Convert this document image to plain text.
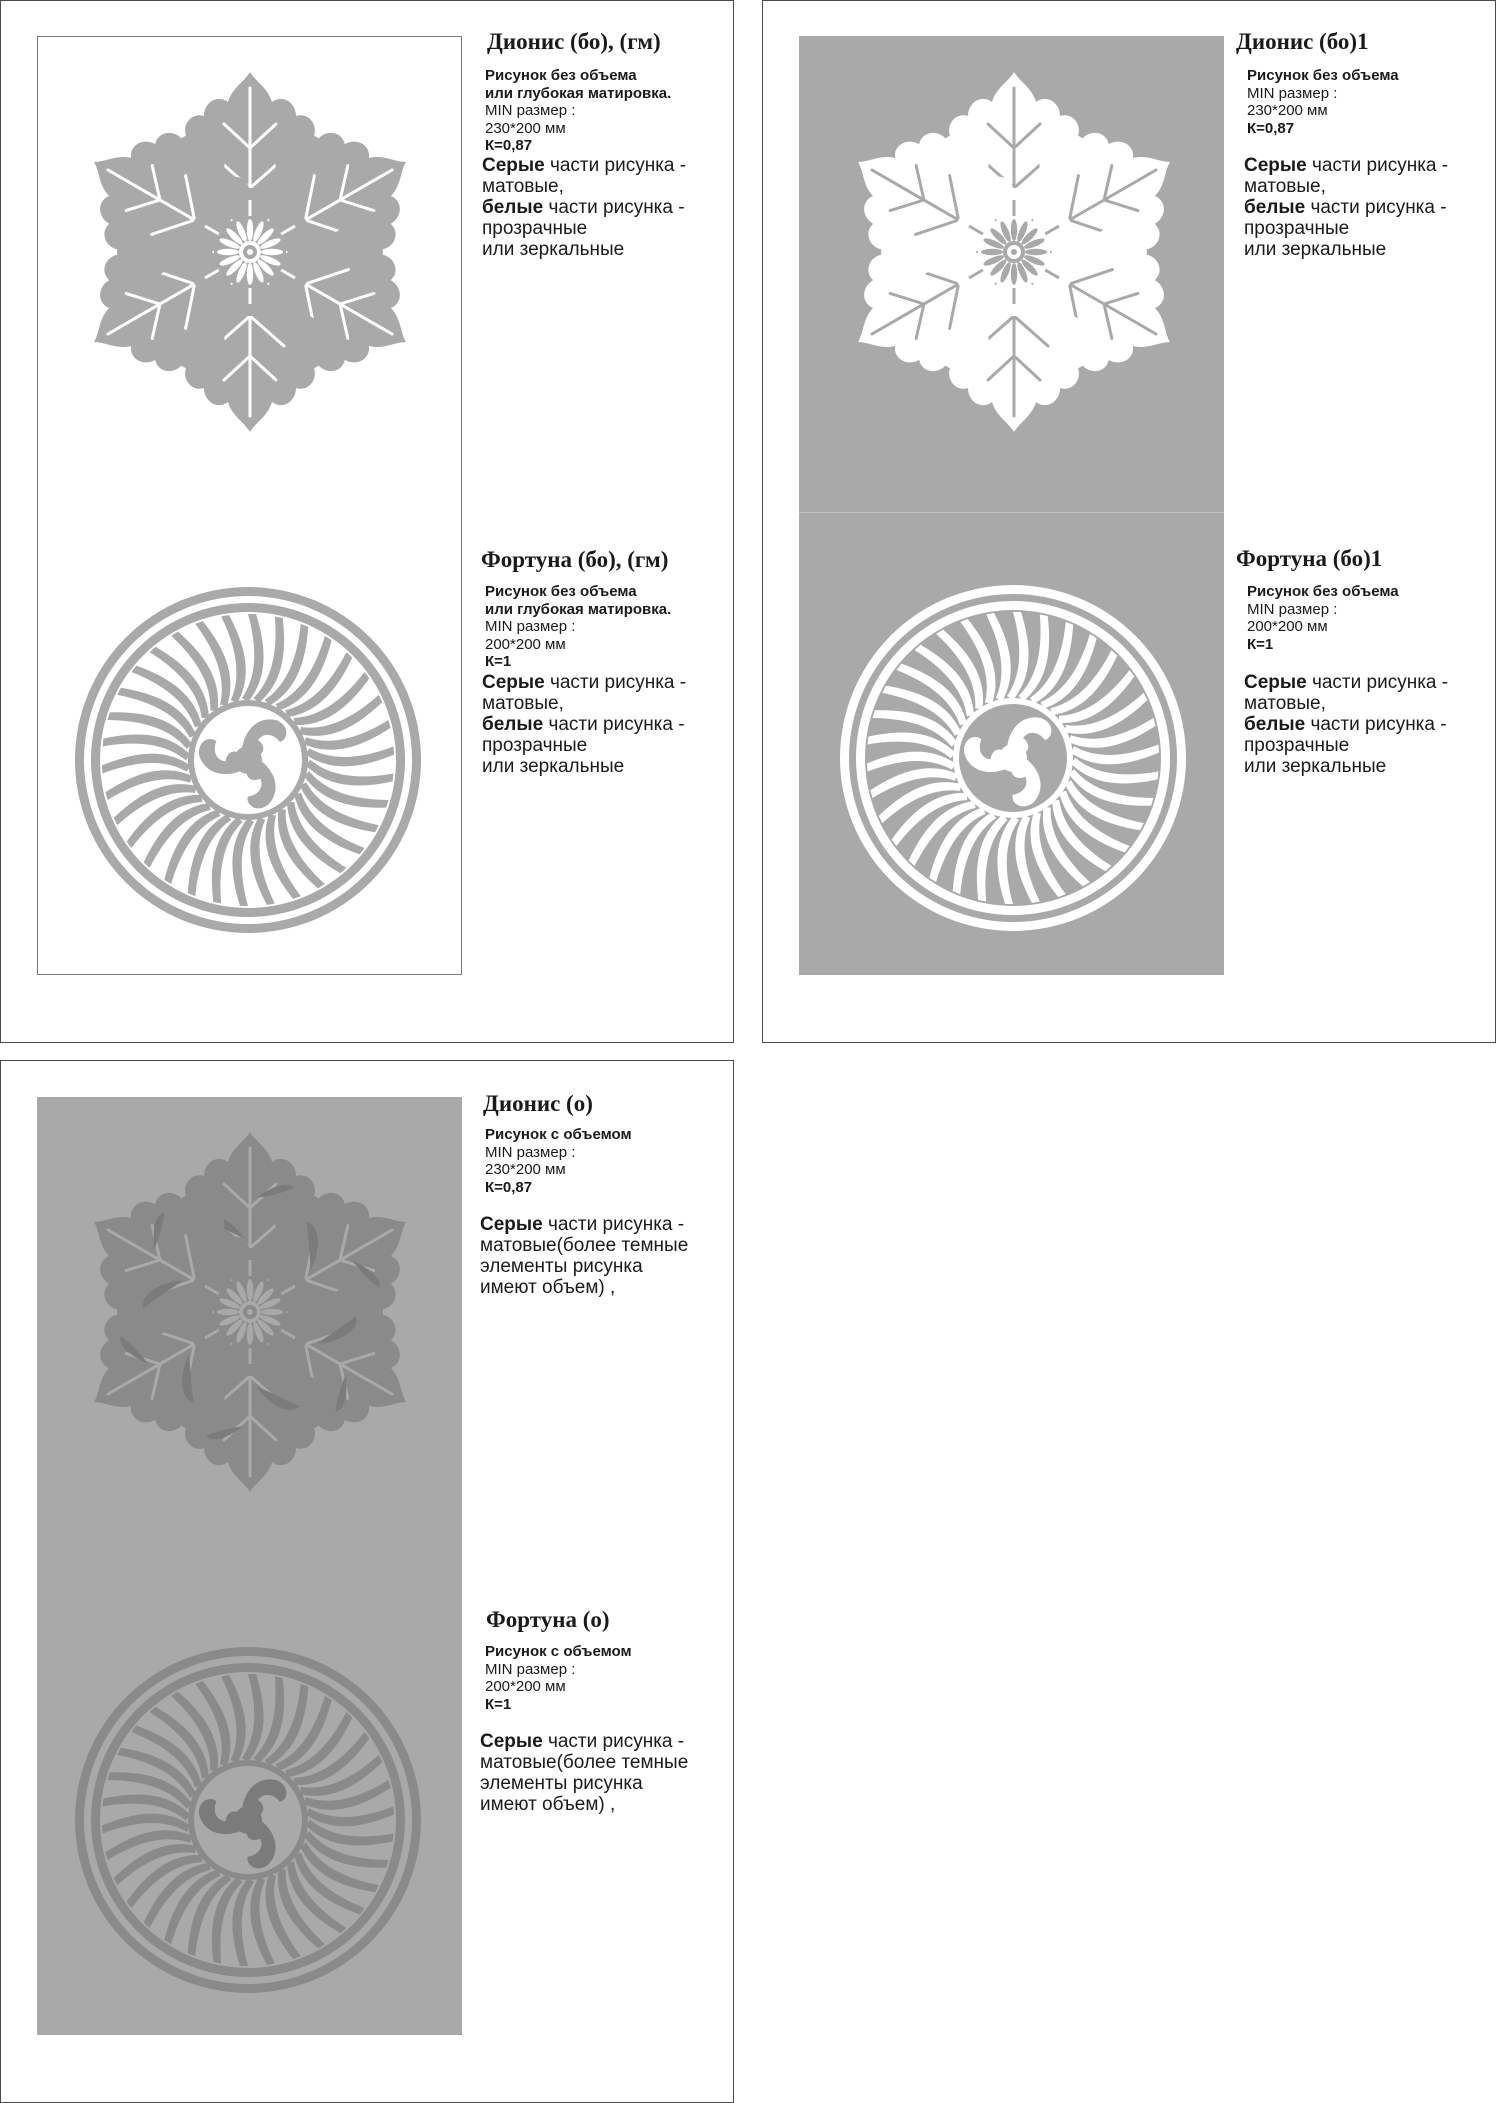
Дионис (бо), (гм)
Рисунок без объема
или глубокая матировка.
MIN размер :
230*200 мм
К=0,87
Серые части рисунка -
матовые,
белые части рисунка -
прозрачные
или зеркальные
Фортуна (бо), (гм)
Рисунок без объема
или глубокая матировка.
MIN размер :
200*200 мм
К=1
Серые части рисунка -
матовые,
белые части рисунка -
прозрачные
или зеркальные
Дионис (бо)1
Рисунок без объема
MIN размер :
230*200 мм
К=0,87
Серые части рисунка -
матовые,
белые части рисунка -
прозрачные
или зеркальные
Фортуна (бо)1
Рисунок без объема
MIN размер :
200*200 мм
К=1
Серые части рисунка -
матовые,
белые части рисунка -
прозрачные
или зеркальные
Дионис (о)
Рисунок с объемом
MIN размер :
230*200 мм
К=0,87
Серые части рисунка -
матовые(более темные
элементы рисунка
имеют объем) ,
Фортуна (о)
Рисунок с объемом
MIN размер :
200*200 мм
К=1
Серые части рисунка -
матовые(более темные
элементы рисунка
имеют объем) ,
